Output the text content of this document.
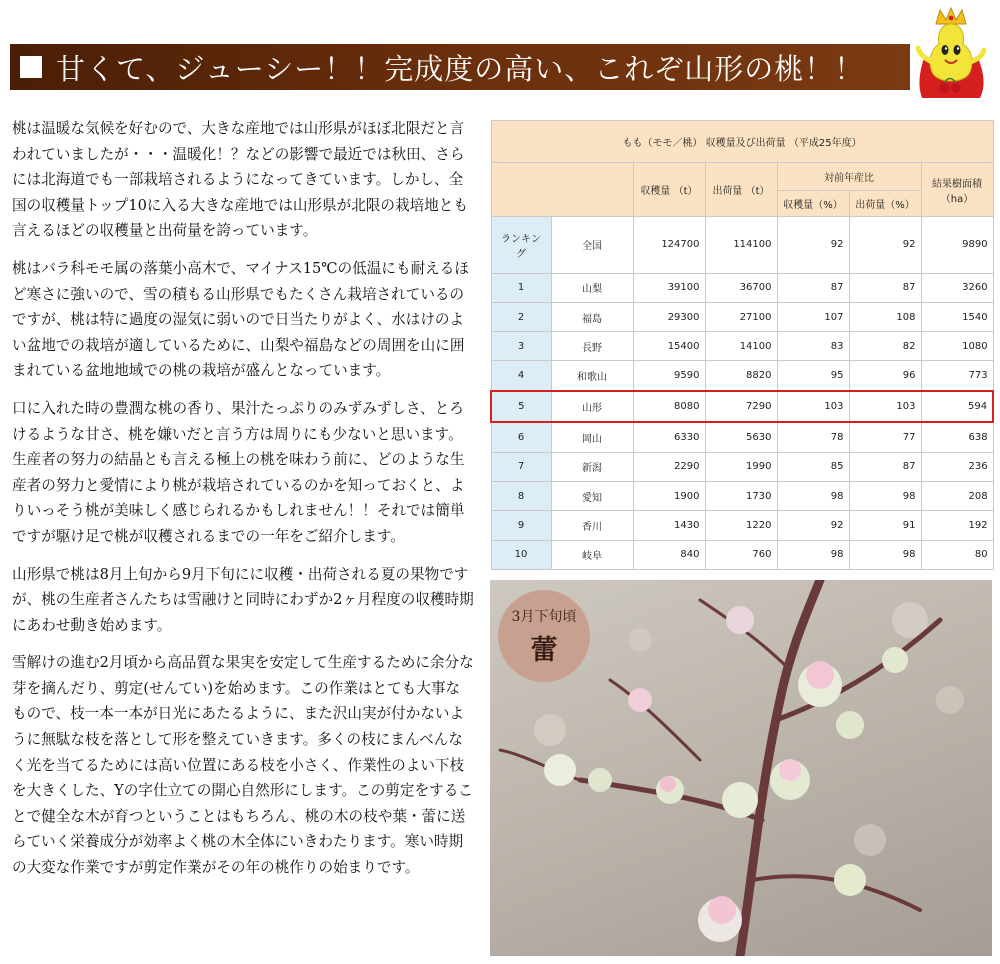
甘くて、ジューシー！！完成度の高い、これぞ山形の桃！！

桃は温暖な気候を好むので、大きな産地では山形県がほぼ北限だと言われていましたが・・・温暖化！？などの影響で最近では秋田、さらには北海道でも一部栽培されるようになってきています。しかし、全国の収穫量トップ10に入る大きな産地では山形県が北限の栽培地とも言えるほどの収穫量と出荷量を誇っています。

桃はバラ科モモ属の落葉小高木で、マイナス15℃の低温にも耐えるほど寒さに強いので、雪の積もる山形県でもたくさん栽培されているのですが、桃は特に過度の湿気に弱いので日当たりがよく、水はけのよい盆地での栽培が適しているために、山梨や福島などの周囲を山に囲まれている盆地地域での桃の栽培が盛んとなっています。

口に入れた時の豊潤な桃の香り、果汁たっぷりのみずみずしさ、とろけるような甘さ、桃を嫌いだと言う方は周りにも少ないと思います。生産者の努力の結晶とも言える極上の桃を味わう前に、どのような生産者の努力と愛情により桃が栽培されているのかを知っておくと、よりいっそう桃が美味しく感じられるかもしれません！！それでは簡単ですが駆け足で桃が収穫されるまでの一年をご紹介します。

山形県で桃は8月上旬から9月下旬にに収穫・出荷される夏の果物ですが、桃の生産者さんたちは雪融けと同時にわずか2ヶ月程度の収穫時期にあわせ動き始めます。

雪解けの進む2月頃から高品質な果実を安定して生産するために余分な芽を摘んだり、剪定(せんてい)を始めます。この作業はとても大事なもので、枝一本一本が日光にあたるように、また沢山実が付かないように無駄な枝を落として形を整えていきます。多くの枝にまんべんなく光を当てるためには高い位置にある枝を小さく、作業性のよい下枝を大きくした、Yの字仕立ての開心自然形にします。この剪定をすることで健全な木が育つということはもちろん、桃の木の枝や葉・蕾に送らていく栄養成分が効率よく桃の木全体にいきわたります。寒い時期の大変な作業ですが剪定作業がその年の桃作りの始まりです。

もも（モモ／桃） 収穫量及び出荷量 （平成25年度）						
		収穫量 （t）	出荷量 （t）	対前年産比		結果樹面積（ha）
				収穫量（%）	出荷量（%）	
ランキング	全国	124700	114100	92	92	9890
1	山梨	39100	36700	87	87	3260
2	福島	29300	27100	107	108	1540
3	長野	15400	14100	83	82	1080
4	和歌山	9590	8820	95	96	773
5	山形	8080	7290	103	103	594
6	岡山	6330	5630	78	77	638
7	新潟	2290	1990	85	87	236
8	愛知	1900	1730	98	98	208
9	香川	1430	1220	92	91	192
10	岐阜	840	760	98	98	80
3月下旬頃
蕾
